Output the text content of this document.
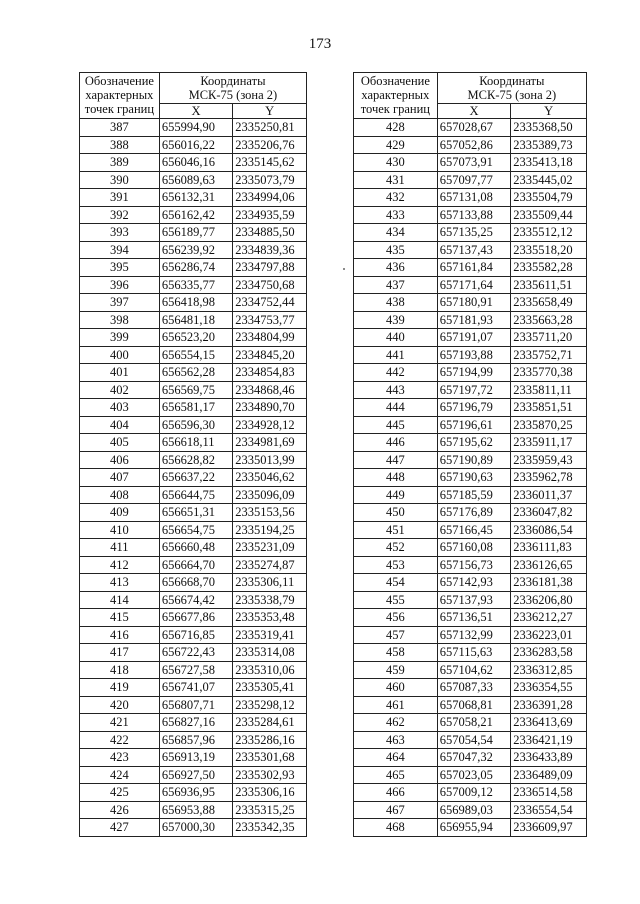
173
Обозначение
характерных
точек границ	Координаты
МСК-75 (зона 2)	
	X	Y
387	655994,90	2335250,81
388	656016,22	2335206,76
389	656046,16	2335145,62
390	656089,63	2335073,79
391	656132,31	2334994,06
392	656162,42	2334935,59
393	656189,77	2334885,50
394	656239,92	2334839,36
395	656286,74	2334797,88
396	656335,77	2334750,68
397	656418,98	2334752,44
398	656481,18	2334753,77
399	656523,20	2334804,99
400	656554,15	2334845,20
401	656562,28	2334854,83
402	656569,75	2334868,46
403	656581,17	2334890,70
404	656596,30	2334928,12
405	656618,11	2334981,69
406	656628,82	2335013,99
407	656637,22	2335046,62
408	656644,75	2335096,09
409	656651,31	2335153,56
410	656654,75	2335194,25
411	656660,48	2335231,09
412	656664,70	2335274,87
413	656668,70	2335306,11
414	656674,42	2335338,79
415	656677,86	2335353,48
416	656716,85	2335319,41
417	656722,43	2335314,08
418	656727,58	2335310,06
419	656741,07	2335305,41
420	656807,71	2335298,12
421	656827,16	2335284,61
422	656857,96	2335286,16
423	656913,19	2335301,68
424	656927,50	2335302,93
425	656936,95	2335306,16
426	656953,88	2335315,25
427	657000,30	2335342,35
Обозначение
характерных
точек границ	Координаты
МСК-75 (зона 2)	
	X	Y
428	657028,67	2335368,50
429	657052,86	2335389,73
430	657073,91	2335413,18
431	657097,77	2335445,02
432	657131,08	2335504,79
433	657133,88	2335509,44
434	657135,25	2335512,12
435	657137,43	2335518,20
436	657161,84	2335582,28
437	657171,64	2335611,51
438	657180,91	2335658,49
439	657181,93	2335663,28
440	657191,07	2335711,20
441	657193,88	2335752,71
442	657194,99	2335770,38
443	657197,72	2335811,11
444	657196,79	2335851,51
445	657196,61	2335870,25
446	657195,62	2335911,17
447	657190,89	2335959,43
448	657190,63	2335962,78
449	657185,59	2336011,37
450	657176,89	2336047,82
451	657166,45	2336086,54
452	657160,08	2336111,83
453	657156,73	2336126,65
454	657142,93	2336181,38
455	657137,93	2336206,80
456	657136,51	2336212,27
457	657132,99	2336223,01
458	657115,63	2336283,58
459	657104,62	2336312,85
460	657087,33	2336354,55
461	657068,81	2336391,28
462	657058,21	2336413,69
463	657054,54	2336421,19
464	657047,32	2336433,89
465	657023,05	2336489,09
466	657009,12	2336514,58
467	656989,03	2336554,54
468	656955,94	2336609,97
